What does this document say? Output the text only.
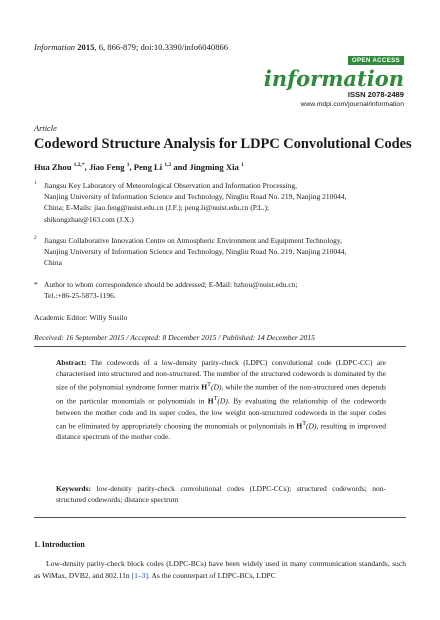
Information 2015, 6, 866-879; doi:10.3390/info6040866
OPEN ACCESS
information
ISSN 2078-2489
www.mdpi.com/journal/information
Article
Codeword Structure Analysis for LDPC Convolutional Codes
Hua Zhou $^{1,2,*}$, Jiao Feng $^1$, Peng Li $^{1,2}$ and Jingming Xia $^1$
1 Jiangsu Key Laboratory of Meteorological Observation and Information Processing,
Nanjing University of Information Science and Technology, Ningliu Road No. 219, Nanjing 210044,
China; E-Mails: jiao.feng@nuist.edu.cn (J.F.); peng.li@nuist.edu.cn (P.L.);
shikongzhan@163.com (J.X.)
2 Jiangsu Collaborative Innovation Centre on Atmospheric Environment and Equipment Technology,
Nanjing University of Information Science and Technology, Ningliu Road No. 219, Nanjing 210044,
China
* Author to whom correspondence should be addressed; E-Mail: hzhou@nuist.edu.cn;
Tel.:+86-25-5873-1196.
Academic Editor: Willy Susilo
Received: 16 September 2015 / Accepted: 8 December 2015 / Published: 14 December 2015
Abstract: The codewords of a low-density parity-check (LDPC) convolutional code (LDPC-CC) are characterised into structured and non-structured. The number of the structured codewords is dominated by the size of the polynomial syndrome former matrix $H^T(D)$, while the number of the non-structured ones depends on the particular monomials or polynomials in $H^T(D)$. By evaluating the relationship of the codewords between the mother code and its super codes, the low weight non-structured codewords in the super codes can be eliminated by appropriately choosing the monomials or polynomials in $H^T(D)$, resulting in improved distance spectrum of the mother code.
Keywords: low-density parity-check convolutional codes (LDPC-CCs); structured codewords; non-structured codewords; distance spectrum
1. Introduction
Low-density parity-check block codes (LDPC-BCs) have been widely used in many communication standards, such as WiMax, DVB2, and 802.11n [1–3]. As the counterpart of LDPC-BCs, LDPC
